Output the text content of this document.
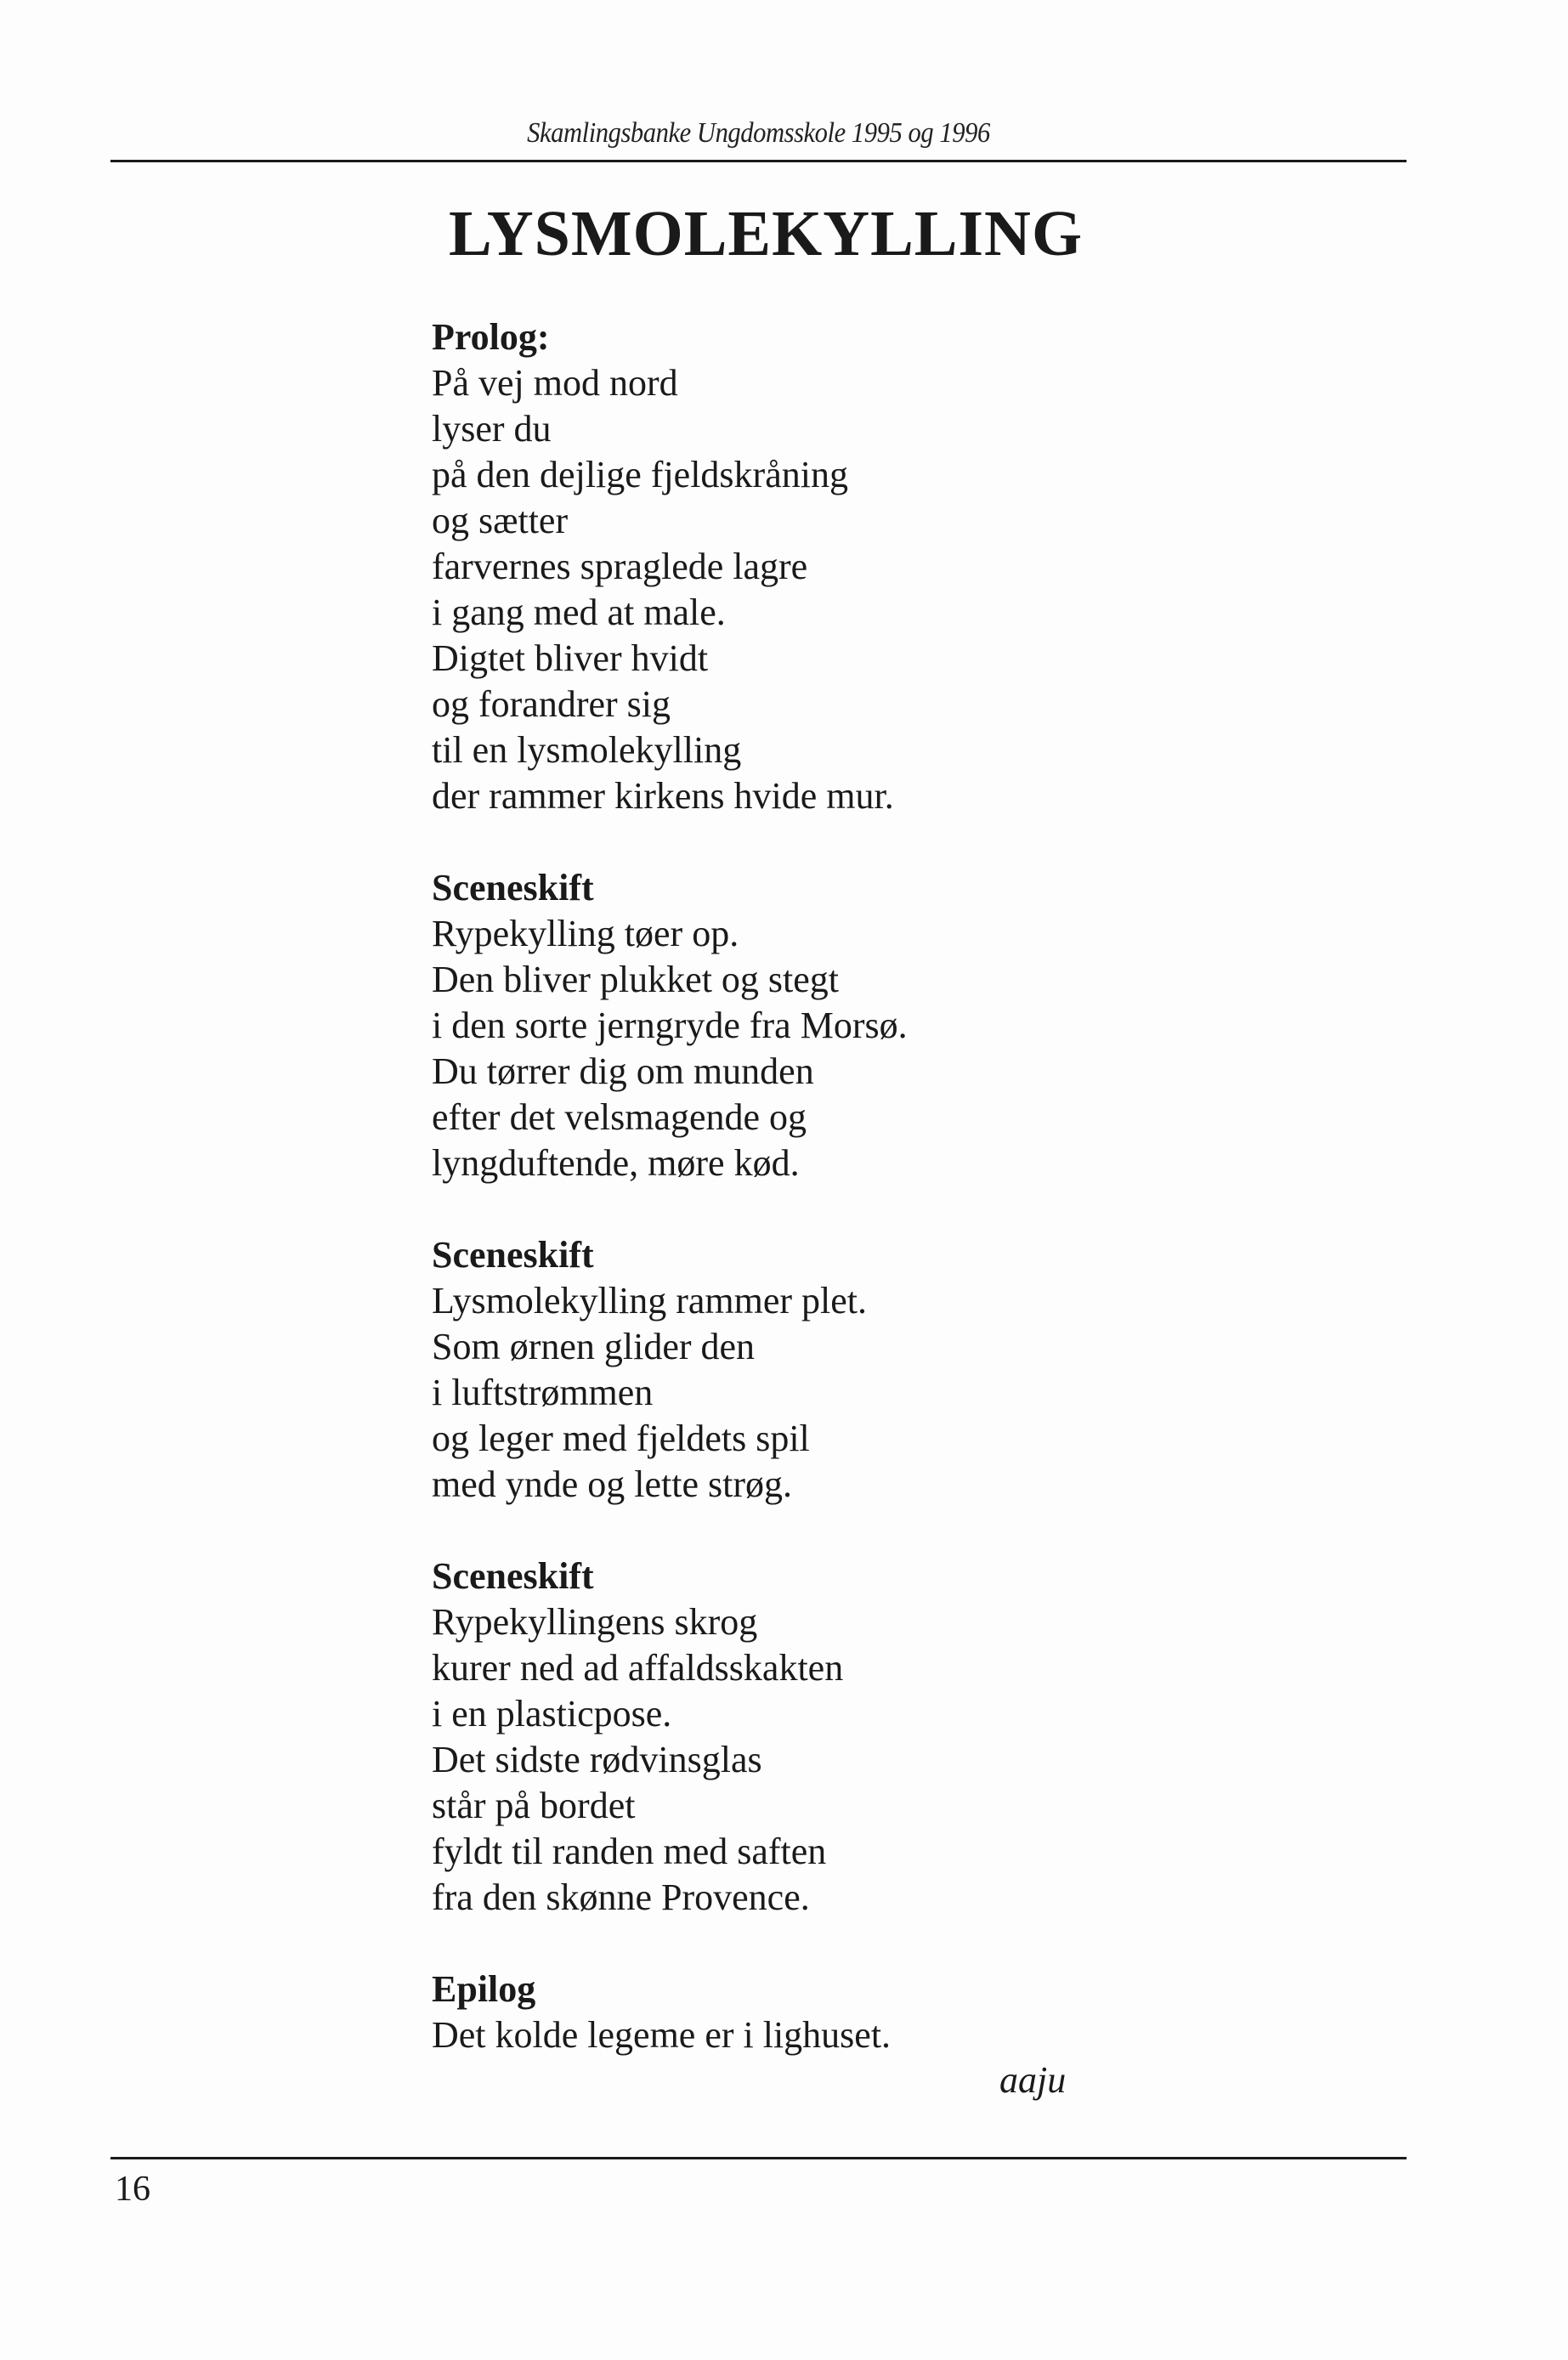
Skamlingsbanke Ungdomsskole 1995 og 1996
LYSMOLEKYLLING
Prolog:
På vej mod nord
lyser du
på den dejlige fjeldskråning
og sætter
farvernes spraglede lagre
i gang med at male.
Digtet bliver hvidt
og forandrer sig
til en lysmolekylling
der rammer kirkens hvide mur.
Sceneskift
Rypekylling tøer op.
Den bliver plukket og stegt
i den sorte jerngryde fra Morsø.
Du tørrer dig om munden
efter det velsmagende og
lyngduftende, møre kød.
Sceneskift
Lysmolekylling rammer plet.
Som ørnen glider den
i luftstrømmen
og leger med fjeldets spil
med ynde og lette strøg.
Sceneskift
Rypekyllingens skrog
kurer ned ad affaldsskakten
i en plasticpose.
Det sidste rødvinsglas
står på bordet
fyldt til randen med saften
fra den skønne Provence.
Epilog
Det kolde legeme er i lighuset.
aaju
16
